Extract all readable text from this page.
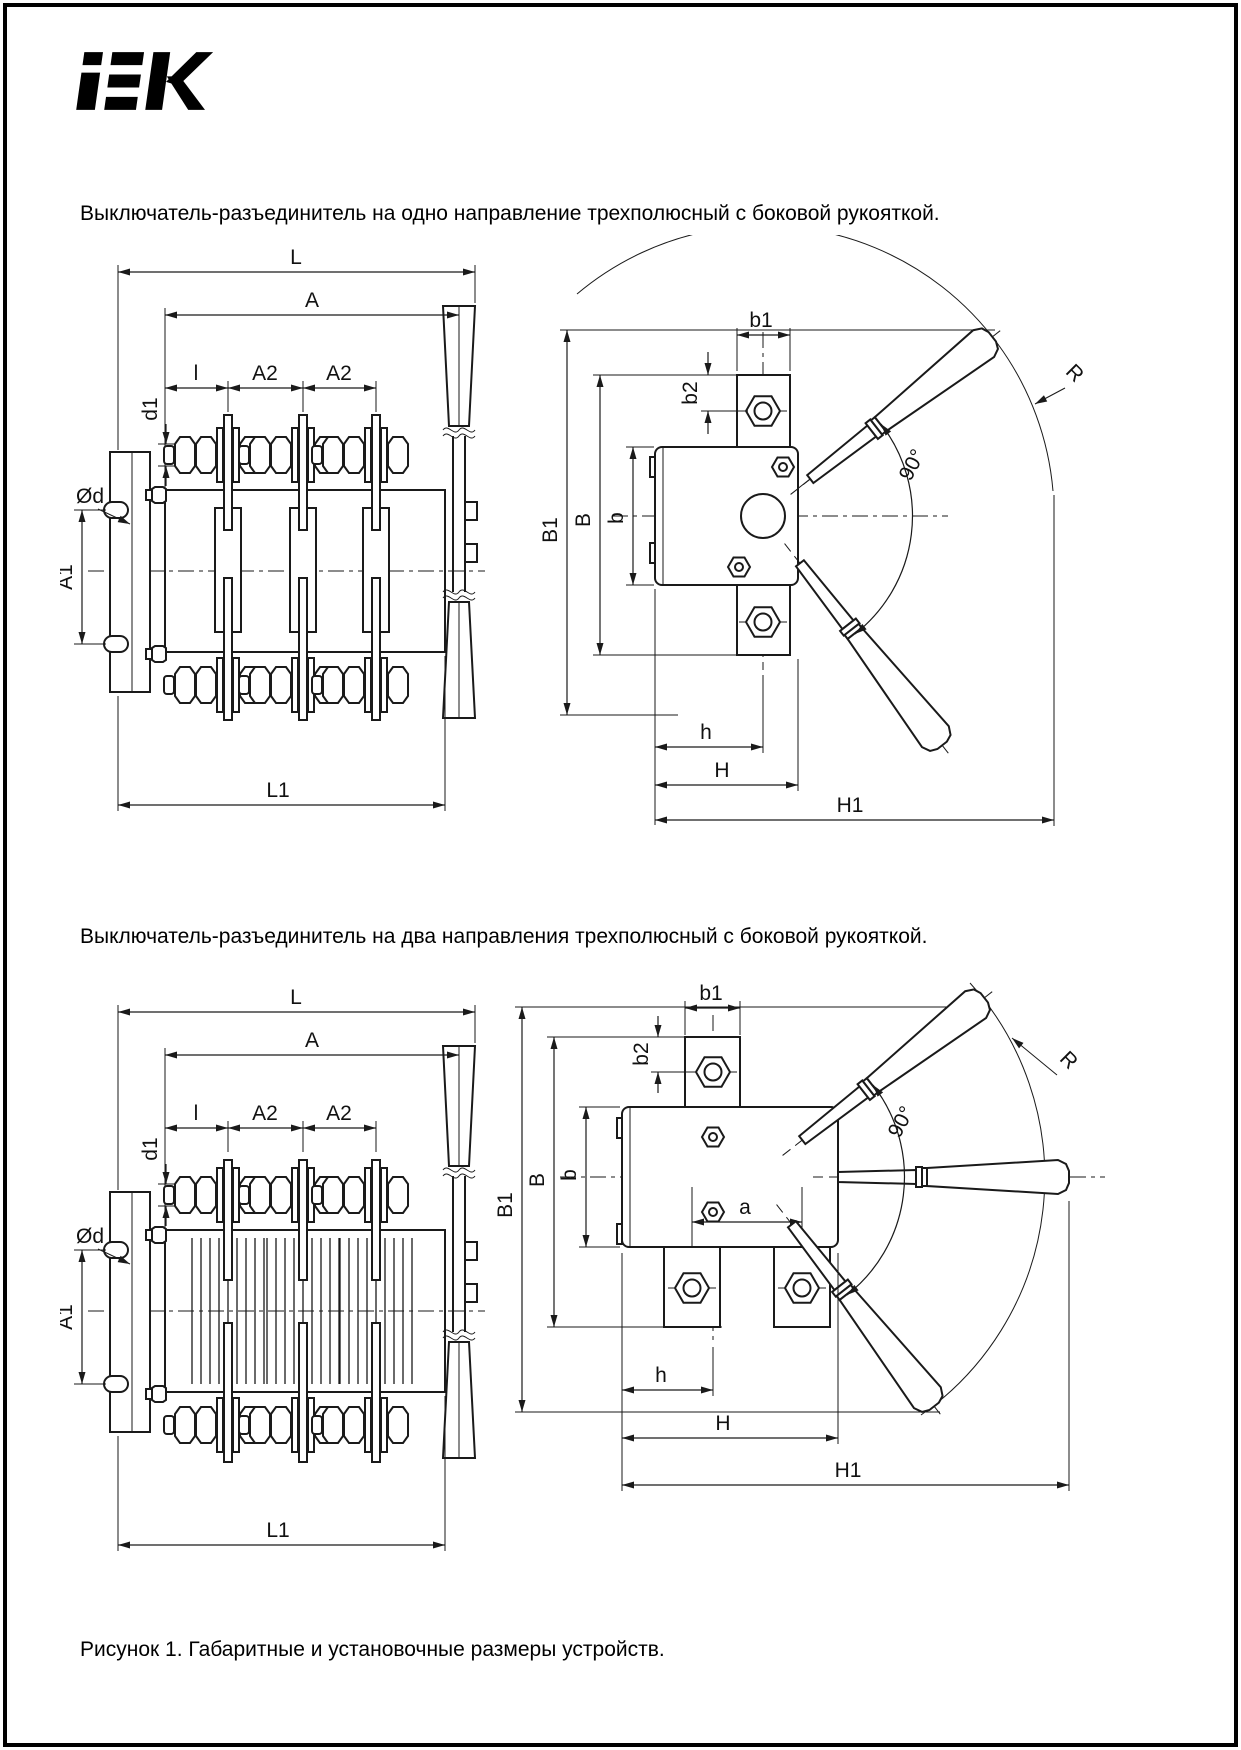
Выключатель-разъединитель на одно направление трехполюсный с боковой рукояткой.
Выключатель-разъединитель на два направления трехполюсный с боковой рукояткой.
Рисунок 1. Габаритные и установочные размеры устройств.
B1 B b
b1
b2
90°
R
h
H
H1
B1
B b
b1
b2
a
90°
R
h
H
H1
